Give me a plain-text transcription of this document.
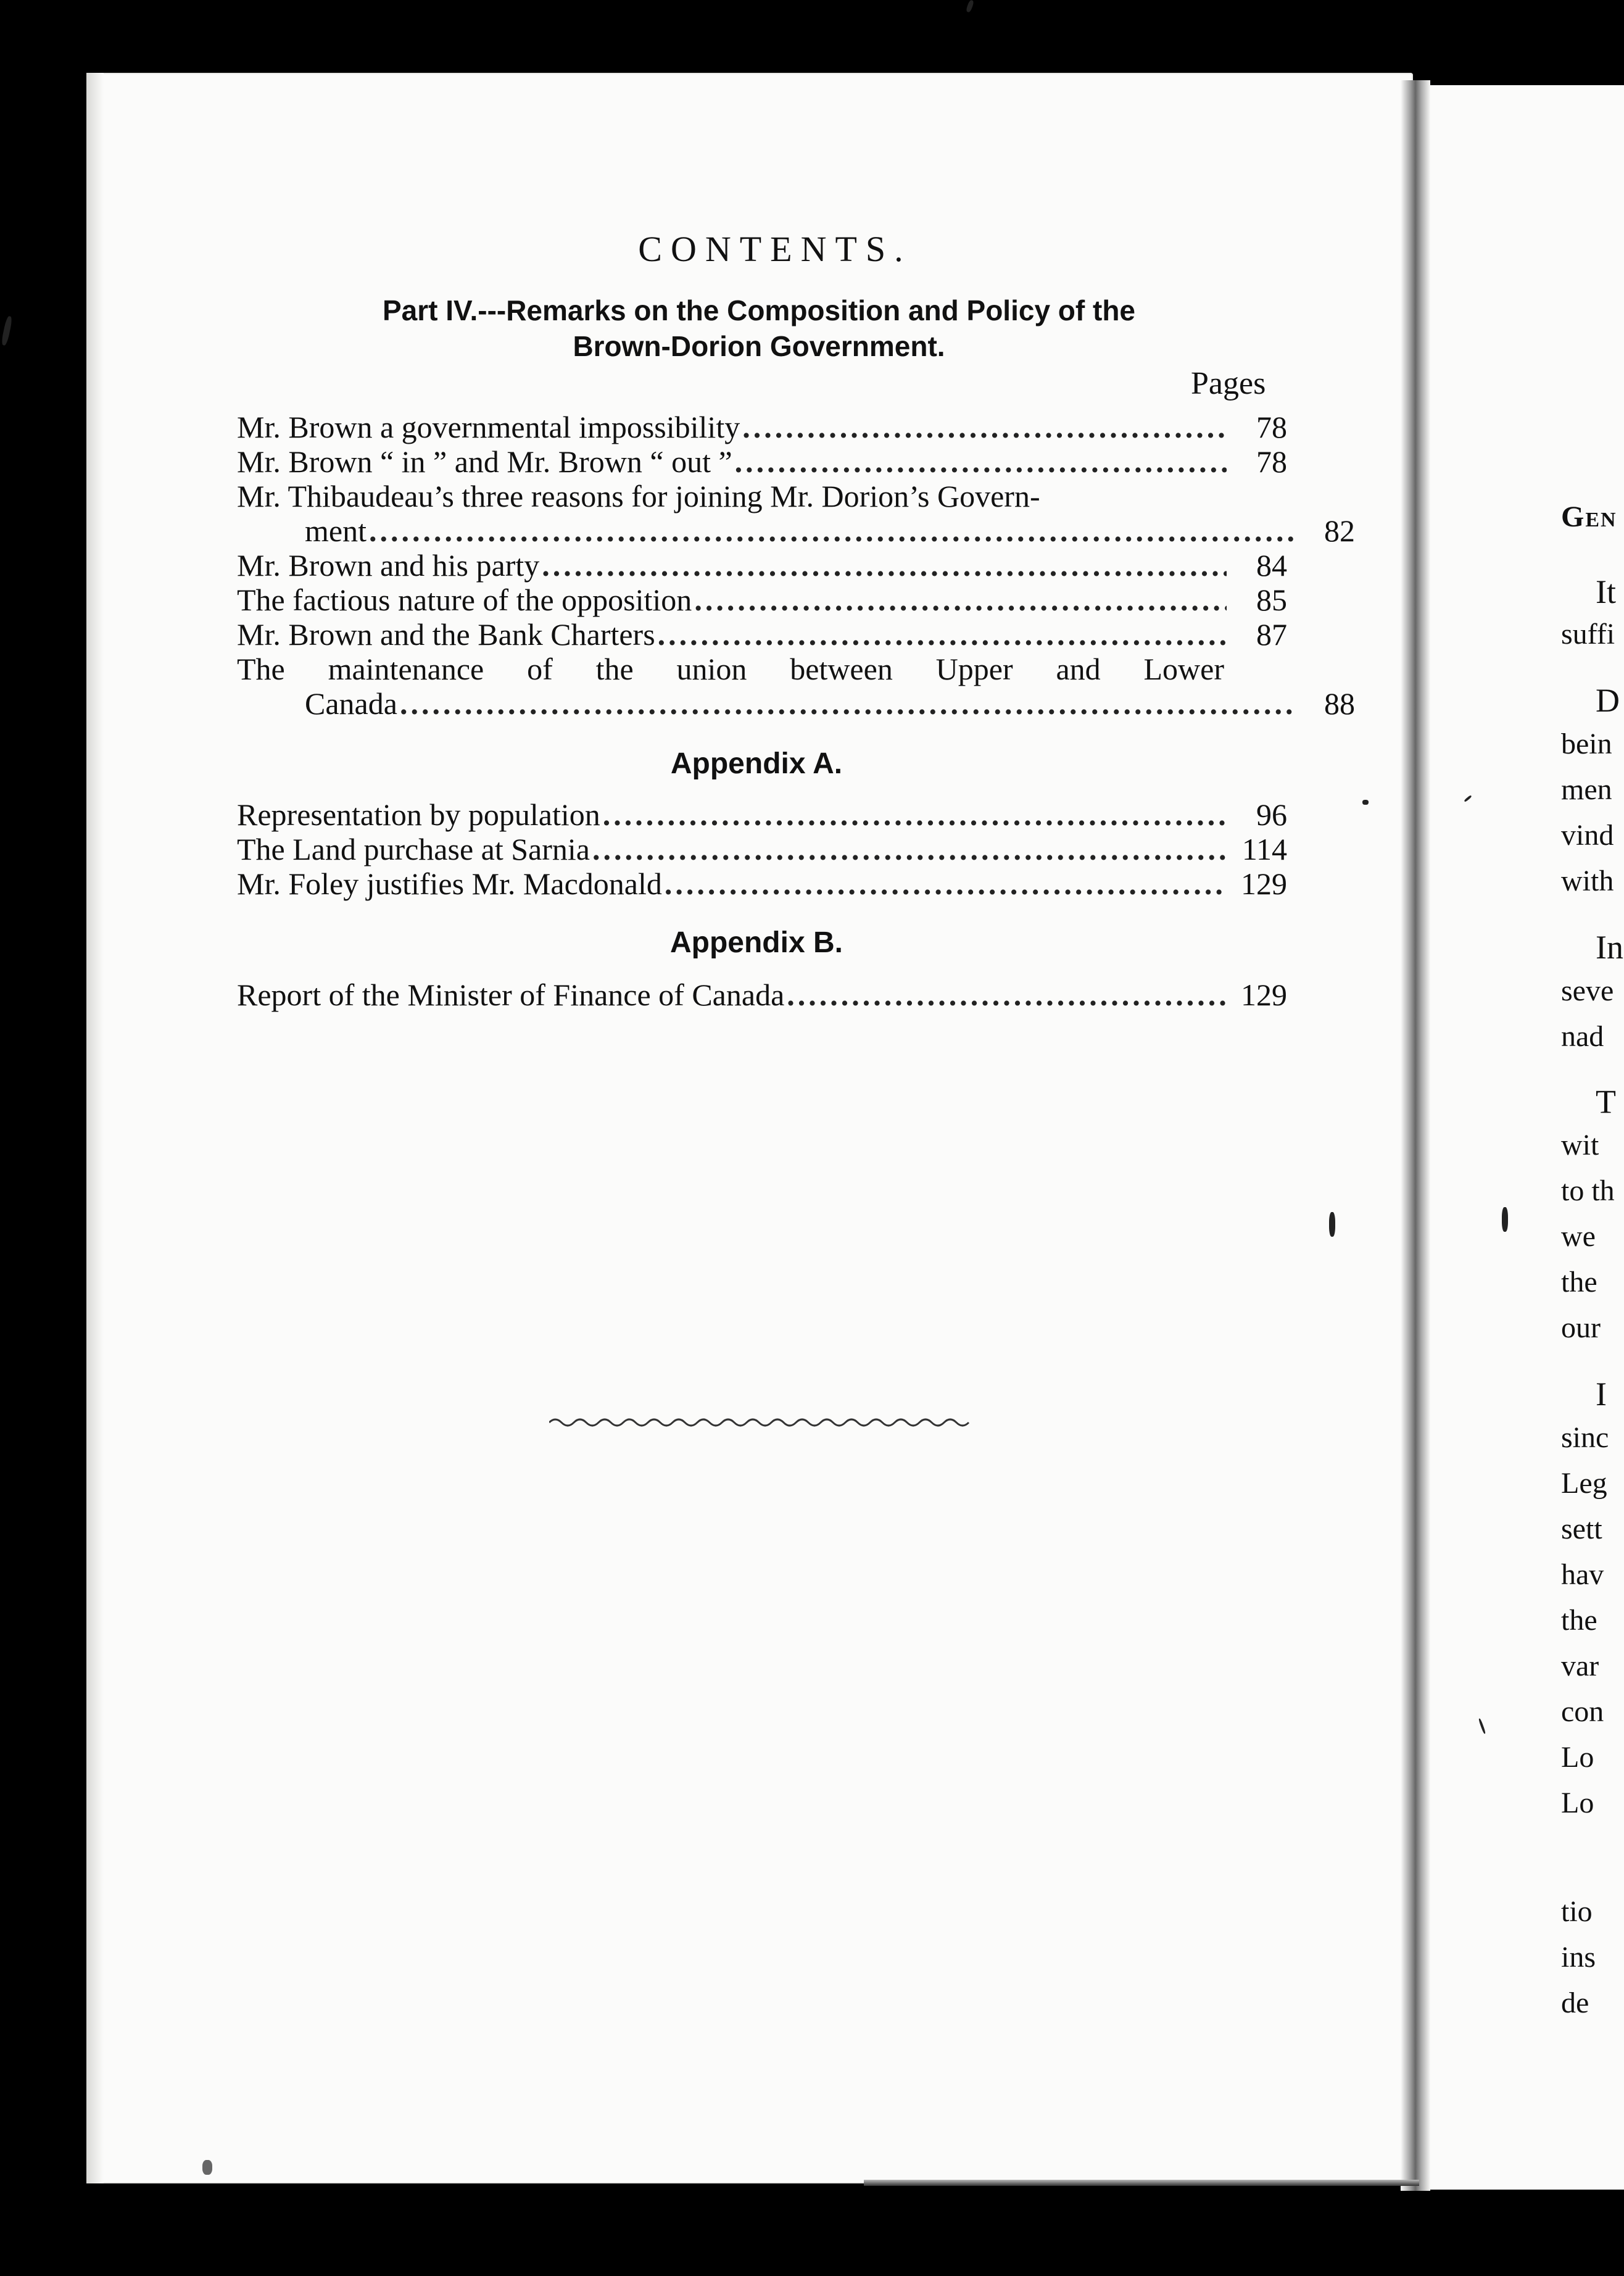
CONTENTS.
Part IV.---Remarks on the Composition and Policy of the
Brown-Dorion Government.
Pages
Mr. Brown a governmental impossibility .....	78
Mr. Brown “ in ” and Mr. Brown “ out ” .....	78
Mr. Thibaudeau’s three reasons for joining Mr. Dorion’s Govern-
ment .....	82
Mr. Brown and his party .....	84
The factious nature of the opposition .....	85
Mr. Brown and the Bank Charters .....	87
The maintenance of the union between Upper and Lower
Canada .....	88
Appendix A.
Representation by population .....	96
The Land purchase at Sarnia .....	114
Mr. Foley justifies Mr. Macdonald .....	129
Appendix B.
Report of the Minister of Finance of Canada .....	129
Gen
It
suffi
D
bein
men
vind
with
In
seve
nad
T
wit
to th
we
the
our
I
sinc
Leg
sett
hav
the
var
con
Lo
Lo
tio
ins
de
